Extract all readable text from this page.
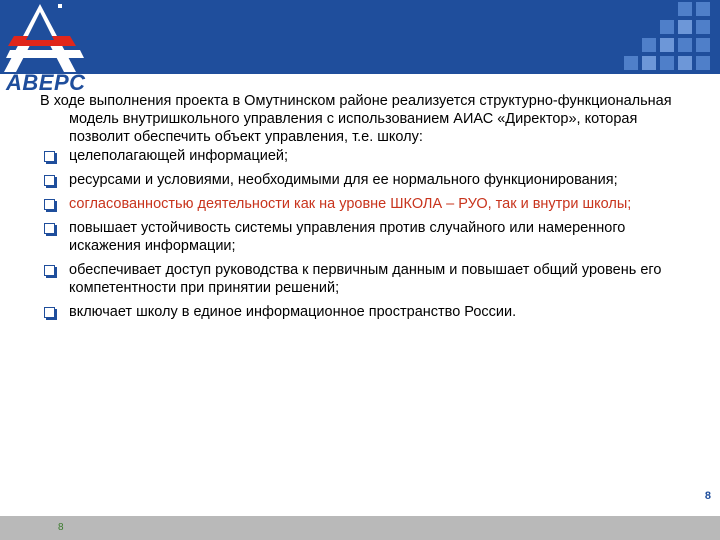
АВЕРС

В ходе выполнения проекта в Омутнинском районе реализуется структурно-функциональная модель внутришкольного управления с использованием АИАС «Директор», которая позволит обеспечить объект управления, т.е. школу:

целеполагающей информацией;
ресурсами и условиями, необходимыми для ее нормального функционирования;
согласованностью деятельности как на уровне ШКОЛА – РУО, так и внутри школы;
повышает устойчивость системы управления против случайного или намеренного искажения информации;
обеспечивает доступ руководства к первичным данным и повышает общий уровень его компетентности при принятии решений;
включает школу в единое информационное пространство России.
8
8
